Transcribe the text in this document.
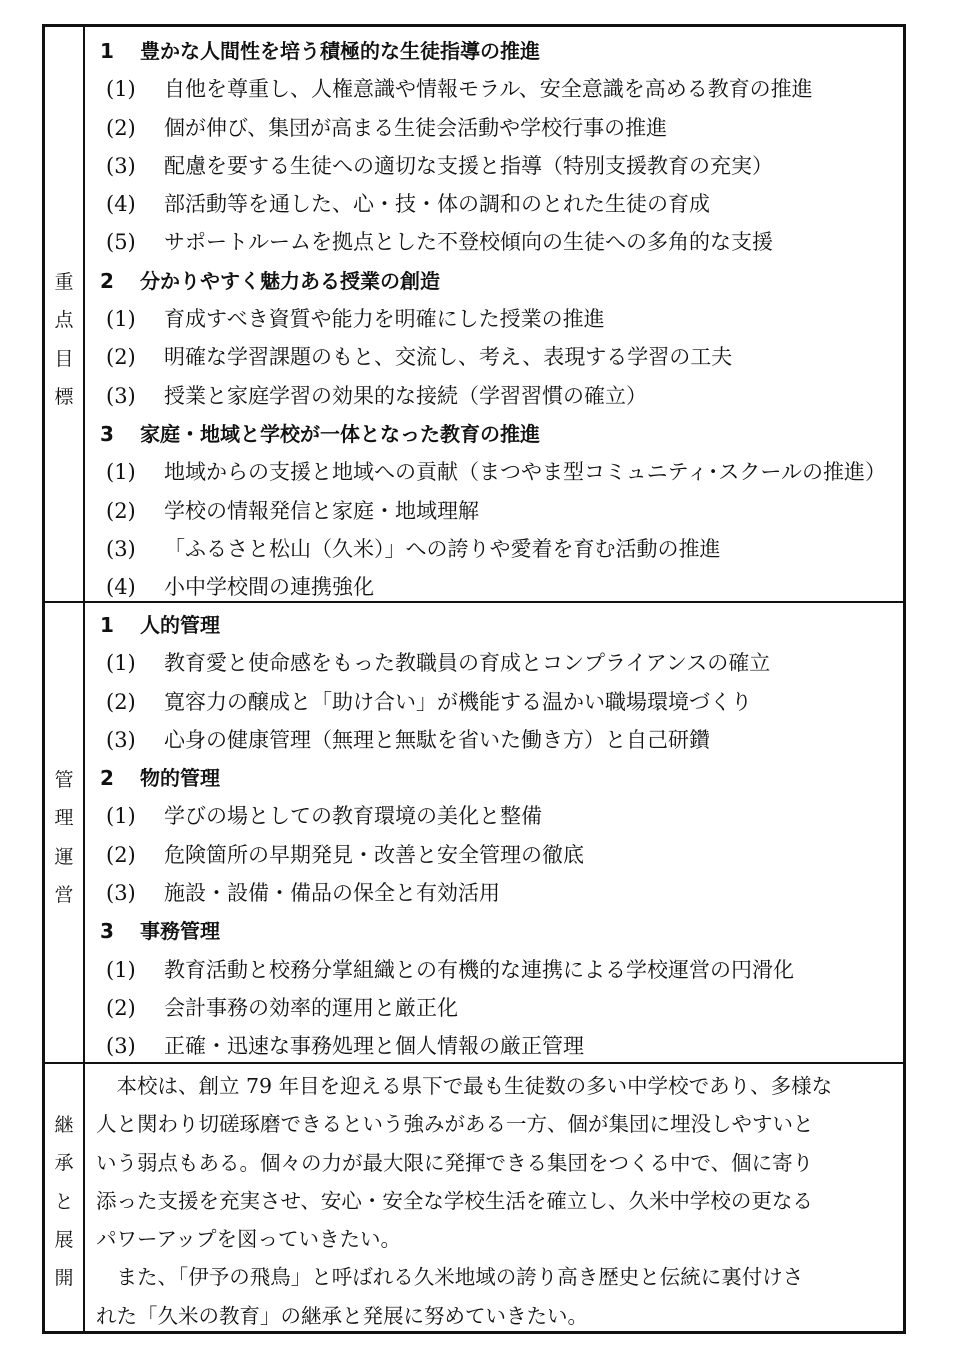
重
点
目
標
1 豊かな人間性を培う積極的な生徒指導の推進
(1) 自他を尊重し、人権意識や情報モラル、安全意識を高める教育の推進
(2) 個が伸び、集団が高まる生徒会活動や学校行事の推進
(3) 配慮を要する生徒への適切な支援と指導（特別支援教育の充実）
(4) 部活動等を通した、心・技・体の調和のとれた生徒の育成
(5) サポートルームを拠点とした不登校傾向の生徒への多角的な支援
2 分かりやすく魅力ある授業の創造
(1) 育成すべき資質や能力を明確にした授業の推進
(2) 明確な学習課題のもと、交流し、考え、表現する学習の工夫
(3) 授業と家庭学習の効果的な接続（学習習慣の確立）
3 家庭・地域と学校が一体となった教育の推進
(1) 地域からの支援と地域への貢献（まつやま型コミュニティ･スクールの推進）
(2) 学校の情報発信と家庭・地域理解
(3) 「ふるさと松山（久米）」への誇りや愛着を育む活動の推進
(4) 小中学校間の連携強化
管
理
運
営
1 人的管理
(1) 教育愛と使命感をもった教職員の育成とコンプライアンスの確立
(2) 寛容力の醸成と「助け合い」が機能する温かい職場環境づくり
(3) 心身の健康管理（無理と無駄を省いた働き方）と自己研鑽
2 物的管理
(1) 学びの場としての教育環境の美化と整備
(2) 危険箇所の早期発見・改善と安全管理の徹底
(3) 施設・設備・備品の保全と有効活用
3 事務管理
(1) 教育活動と校務分掌組織との有機的な連携による学校運営の円滑化
(2) 会計事務の効率的運用と厳正化
(3) 正確・迅速な事務処理と個人情報の厳正管理
継
承
と
展
開

本校は、創立 79 年目を迎える県下で最も生徒数の多い中学校であり、多様な

人と関わり切磋琢磨できるという強みがある一方、個が集団に埋没しやすいと
いう弱点もある。個々の力が最大限に発揮できる集団をつくる中で、個に寄り
添った支援を充実させ、安心・安全な学校生活を確立し、久米中学校の更なる
パワーアップを図っていきたい。

また、「伊予の飛鳥」と呼ばれる久米地域の誇り高き歴史と伝統に裏付けさ

れた「久米の教育」の継承と発展に努めていきたい。
